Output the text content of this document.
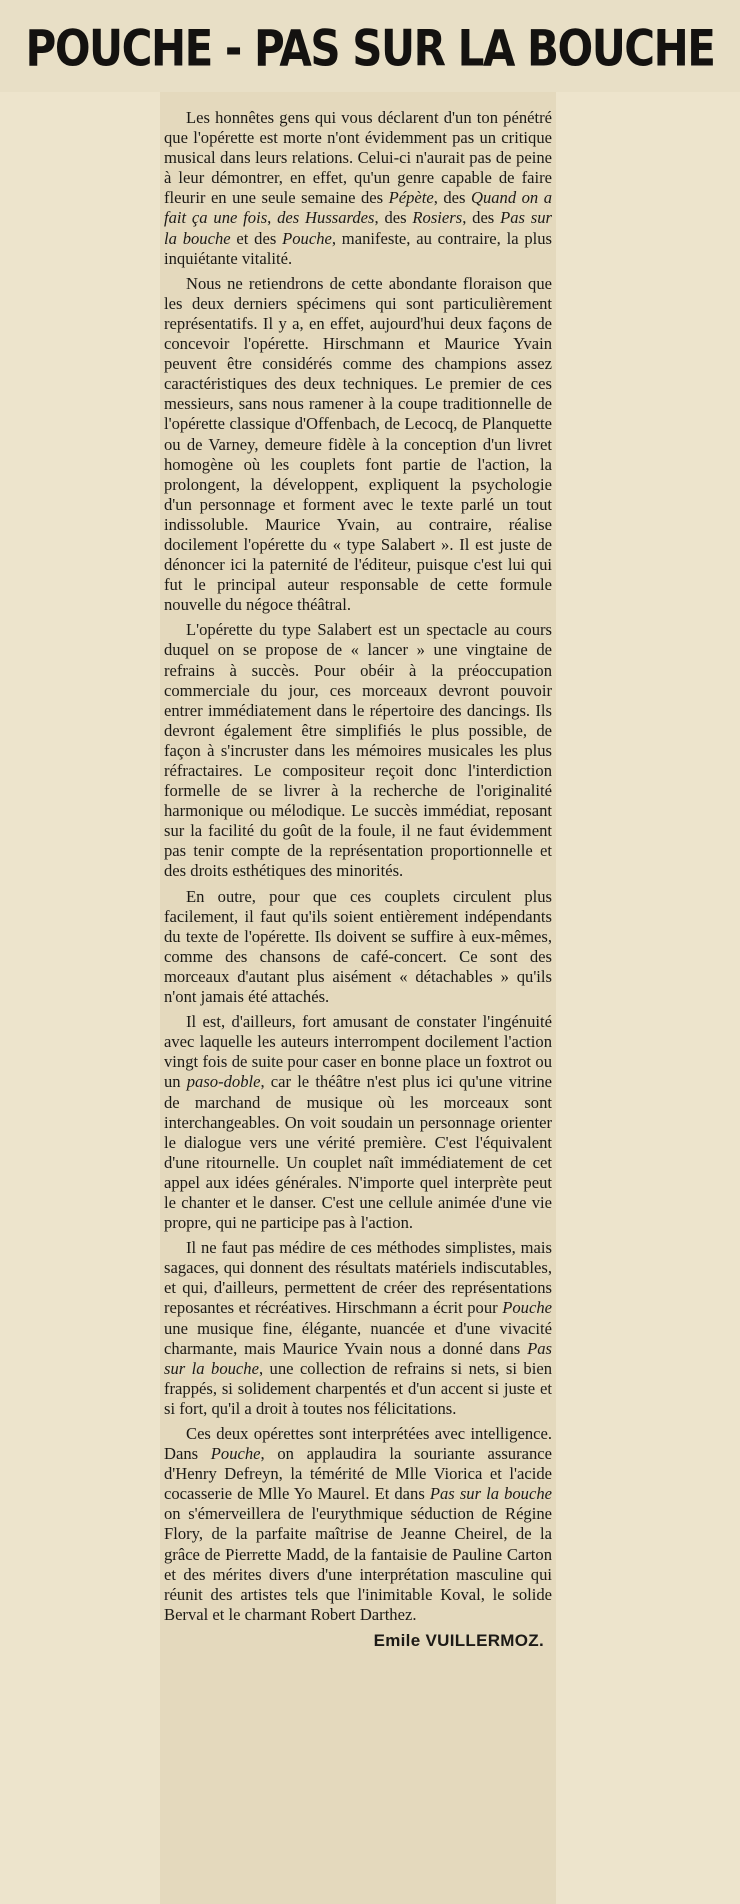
POUCHE - PAS SUR LA BOUCHE

Les honnêtes gens qui vous déclarent d'un ton pénétré que l'opérette est morte n'ont évidemment pas un critique musical dans leurs relations. Celui-ci n'aurait pas de peine à leur démontrer, en effet, qu'un genre capable de faire fleurir en une seule semaine des Pépète, des Quand on a fait ça une fois, des Hussardes, des Rosiers, des Pas sur la bouche et des Pouche, manifeste, au contraire, la plus inquiétante vitalité.

Nous ne retiendrons de cette abondante floraison que les deux derniers spécimens qui sont particulièrement représentatifs. Il y a, en effet, aujourd'hui deux façons de concevoir l'opérette. Hirschmann et Maurice Yvain peuvent être considérés comme des champions assez caractéristiques des deux techniques. Le premier de ces messieurs, sans nous ramener à la coupe traditionnelle de l'opérette classique d'Offenbach, de Lecocq, de Planquette ou de Varney, demeure fidèle à la conception d'un livret homogène où les couplets font partie de l'action, la prolongent, la développent, expliquent la psychologie d'un personnage et forment avec le texte parlé un tout indissoluble. Maurice Yvain, au contraire, réalise docilement l'opérette du « type Salabert ». Il est juste de dénoncer ici la paternité de l'éditeur, puisque c'est lui qui fut le principal auteur responsable de cette formule nouvelle du négoce théâtral.

L'opérette du type Salabert est un spectacle au cours duquel on se propose de « lancer » une vingtaine de refrains à succès. Pour obéir à la préoccupation commerciale du jour, ces morceaux devront pouvoir entrer immédiatement dans le répertoire des dancings. Ils devront également être simplifiés le plus possible, de façon à s'incruster dans les mémoires musicales les plus réfractaires. Le compositeur reçoit donc l'interdiction formelle de se livrer à la recherche de l'originalité harmonique ou mélodique. Le succès immédiat, reposant sur la facilité du goût de la foule, il ne faut évidemment pas tenir compte de la représentation proportionnelle et des droits esthétiques des minorités.

En outre, pour que ces couplets circulent plus facilement, il faut qu'ils soient entièrement indépendants du texte de l'opérette. Ils doivent se suffire à eux-mêmes, comme des chansons de café-concert. Ce sont des morceaux d'autant plus aisément « détachables » qu'ils n'ont jamais été attachés.

Il est, d'ailleurs, fort amusant de constater l'ingénuité avec laquelle les auteurs interrompent docilement l'action vingt fois de suite pour caser en bonne place un foxtrot ou un paso-doble, car le théâtre n'est plus ici qu'une vitrine de marchand de musique où les morceaux sont interchangeables. On voit soudain un personnage orienter le dialogue vers une vérité première. C'est l'équivalent d'une ritournelle. Un couplet naît immédiatement de cet appel aux idées générales. N'importe quel interprète peut le chanter et le danser. C'est une cellule animée d'une vie propre, qui ne participe pas à l'action.

Il ne faut pas médire de ces méthodes simplistes, mais sagaces, qui donnent des résultats matériels indiscutables, et qui, d'ailleurs, permettent de créer des représentations reposantes et récréatives. Hirschmann a écrit pour Pouche une musique fine, élégante, nuancée et d'une vivacité charmante, mais Maurice Yvain nous a donné dans Pas sur la bouche, une collection de refrains si nets, si bien frappés, si solidement charpentés et d'un accent si juste et si fort, qu'il a droit à toutes nos félicitations.

Ces deux opérettes sont interprétées avec intelligence. Dans Pouche, on applaudira la souriante assurance d'Henry Defreyn, la témérité de Mlle Viorica et l'acide cocasserie de Mlle Yo Maurel. Et dans Pas sur la bouche on s'émerveillera de l'eurythmique séduction de Régine Flory, de la parfaite maîtrise de Jeanne Cheirel, de la grâce de Pierrette Madd, de la fantaisie de Pauline Carton et des mérites divers d'une interprétation masculine qui réunit des artistes tels que l'inimitable Koval, le solide Berval et le charmant Robert Darthez.

Emile VUILLERMOZ.
